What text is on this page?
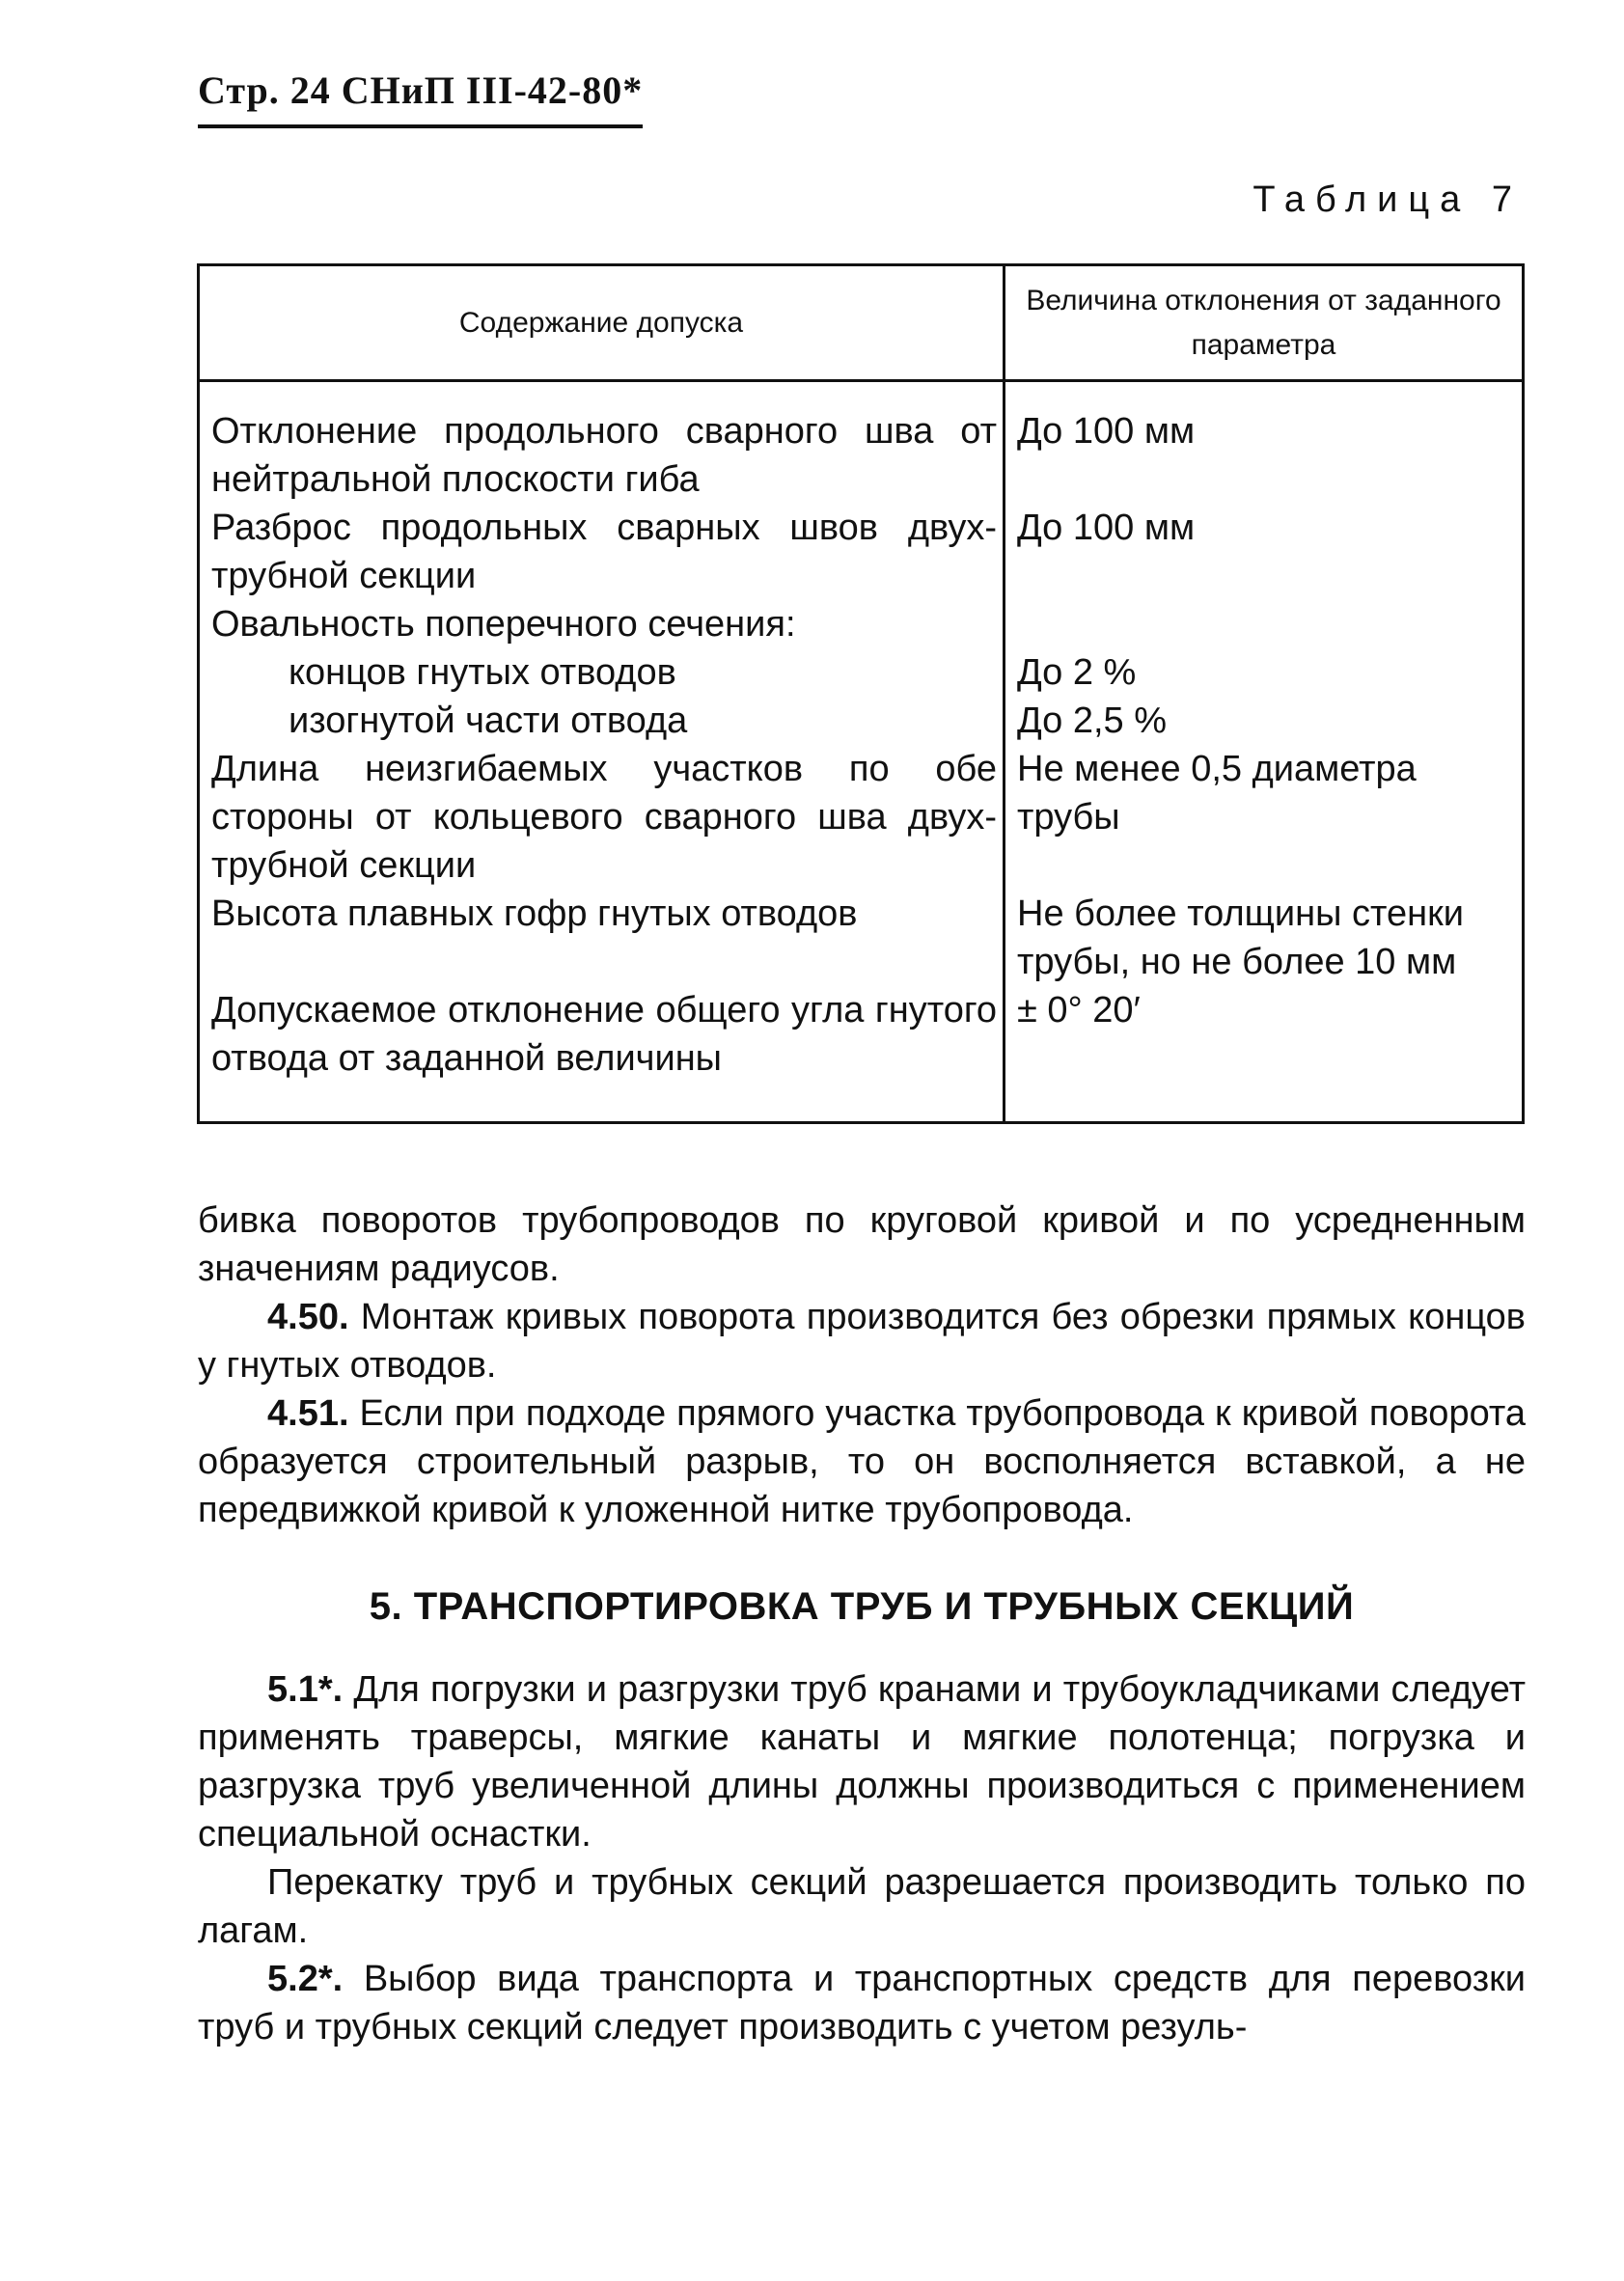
Стр. 24 СНиП III-42-80*
Таблица 7
Содержание допуска	Величина отклонения от заданного параметра
Отклонение продольного сварного шва от нейтральной плоскости гиба	До 100 мм
Разброс продольных сварных швов двух-трубной секции	До 100 мм
Овальность поперечного сечения:	

концов гнутых отводов	До 2 %

изогнутой части отвода	До 2,5 %
Длина неизгибаемых участков по обе стороны от кольцевого сварного шва двух-трубной секции	Не менее 0,5 диаметра трубы
Высота плавных гофр гнутых отводов	Не более толщины стенки трубы, но не более 10 мм
Допускаемое отклонение общего угла гнутого отвода от заданной величины	± 0° 20′

бивка поворотов трубопроводов по круговой кривой и по усредненным значениям радиусов.

4.50. Монтаж кривых поворота производится без обрезки прямых концов у гнутых отводов.

4.51. Если при подходе прямого участка трубопровода к кривой поворота образуется строительный разрыв, то он восполняется вставкой, а не передвижкой кривой к уложенной нитке трубопровода.

5. ТРАНСПОРТИРОВКА ТРУБ И ТРУБНЫХ СЕКЦИЙ

5.1*. Для погрузки и разгрузки труб кранами и трубоукладчиками следует применять траверсы, мягкие канаты и мягкие полотенца; погрузка и разгрузка труб увеличенной длины должны производиться с применением специальной оснастки.

Перекатку труб и трубных секций разрешается производить только по лагам.

5.2*. Выбор вида транспорта и транспортных средств для перевозки труб и трубных секций следует производить с учетом резуль-
